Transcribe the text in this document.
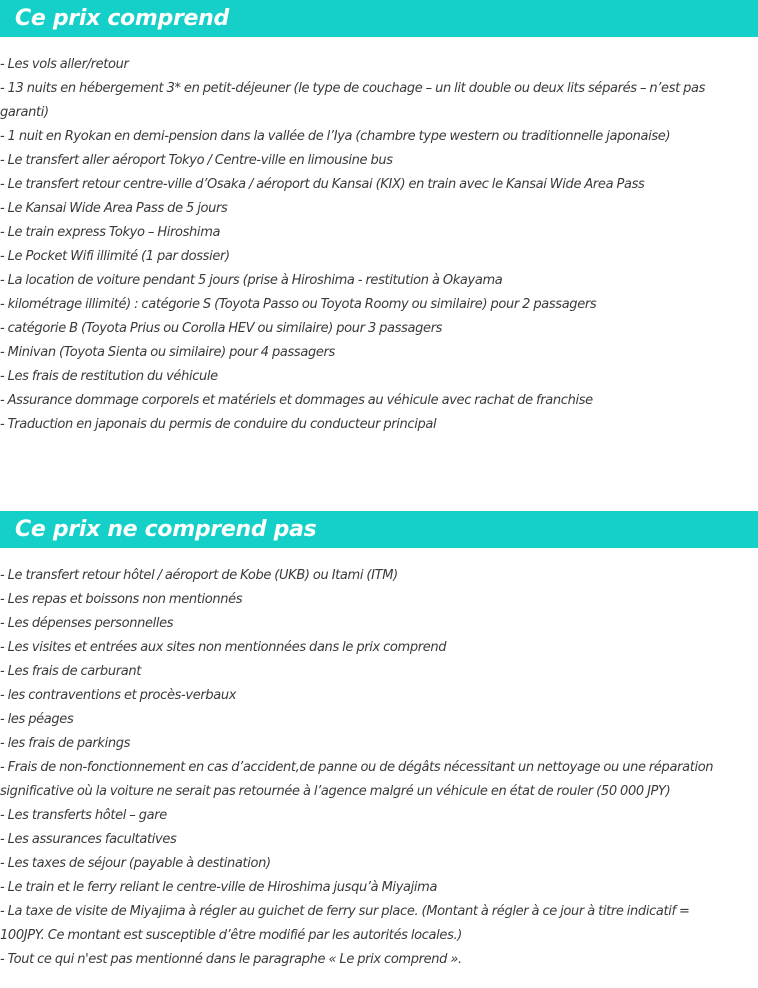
Ce prix comprend
- Les vols aller/retour
- 13 nuits en hébergement 3* en petit-déjeuner (le type de couchage – un lit double ou deux lits séparés – n’est pas garanti)
- 1 nuit en Ryokan en demi-pension dans la vallée de l’Iya (chambre type western ou traditionnelle japonaise)
- Le transfert aller aéroport Tokyo / Centre-ville en limousine bus
- Le transfert retour centre-ville d’Osaka / aéroport du Kansai (KIX) en train avec le Kansai Wide Area Pass
- Le Kansai Wide Area Pass de 5 jours
- Le train express Tokyo – Hiroshima
- Le Pocket Wifi illimité (1 par dossier)
- La location de voiture pendant 5 jours (prise à Hiroshima - restitution à Okayama
- kilométrage illimité) : catégorie S (Toyota Passo ou Toyota Roomy ou similaire) pour 2 passagers
- catégorie B (Toyota Prius ou Corolla HEV ou similaire) pour 3 passagers
- Minivan (Toyota Sienta ou similaire) pour 4 passagers
- Les frais de restitution du véhicule
- Assurance dommage corporels et matériels et dommages au véhicule avec rachat de franchise
- Traduction en japonais du permis de conduire du conducteur principal
Ce prix ne comprend pas
- Le transfert retour hôtel / aéroport de Kobe (UKB) ou Itami (ITM)
- Les repas et boissons non mentionnés
- Les dépenses personnelles
- Les visites et entrées aux sites non mentionnées dans le prix comprend
- Les frais de carburant
- les contraventions et procès-verbaux
- les péages
- les frais de parkings
- Frais de non-fonctionnement en cas d’accident,de panne ou de dégâts nécessitant un nettoyage ou une réparation significative où la voiture ne serait pas retournée à l’agence malgré un véhicule en état de rouler (50 000 JPY)
- Les transferts hôtel – gare
- Les assurances facultatives
- Les taxes de séjour (payable à destination)
- Le train et le ferry reliant le centre-ville de Hiroshima jusqu’à Miyajima
- La taxe de visite de Miyajima à régler au guichet de ferry sur place. (Montant à régler à ce jour à titre indicatif = 100JPY. Ce montant est susceptible d’être modifié par les autorités locales.)
- Tout ce qui n'est pas mentionné dans le paragraphe « Le prix comprend ».
